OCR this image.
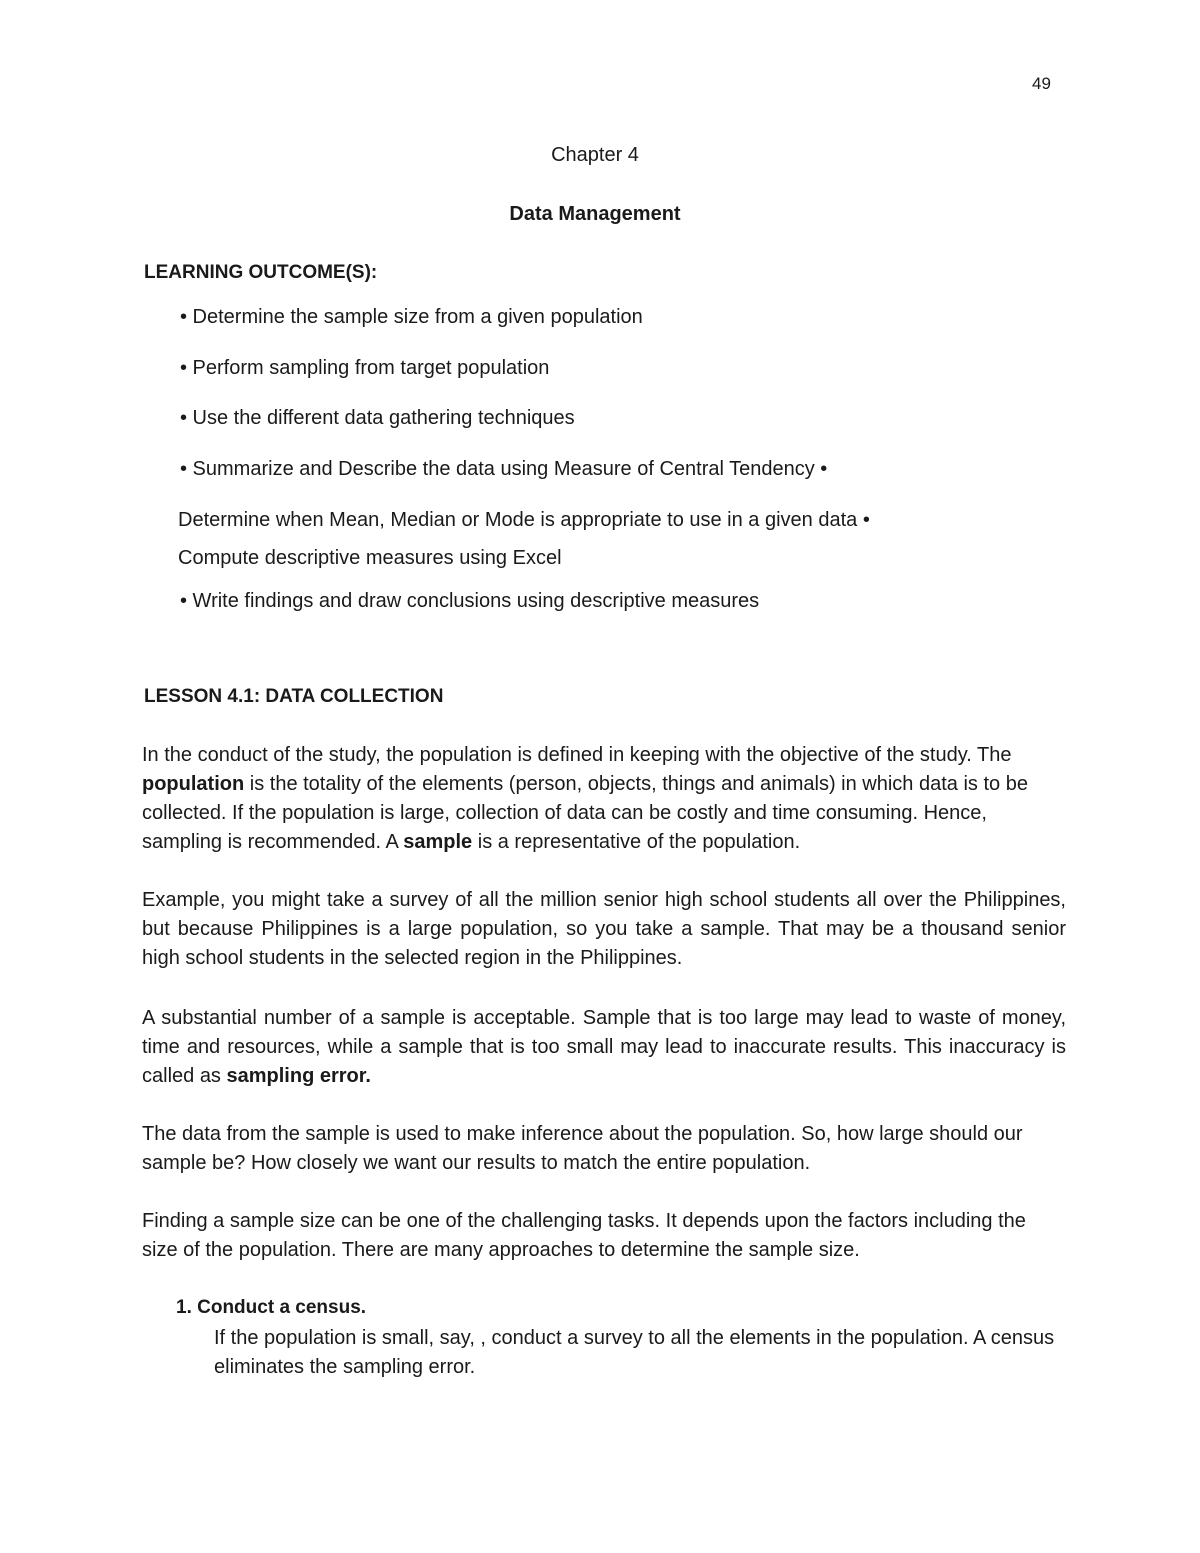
49
Chapter 4
Data Management
LEARNING OUTCOME(S):
• Determine the sample size from a given population
• Perform sampling from target population
• Use the different data gathering techniques
• Summarize and Describe the data using Measure of Central Tendency •
Determine when Mean, Median or Mode is appropriate to use in a given data •
Compute descriptive measures using Excel
• Write findings and draw conclusions using descriptive measures
LESSON 4.1: DATA COLLECTION

In the conduct of the study, the population is defined in keeping with the objective of the study. The population is the totality of the elements (person, objects, things and animals) in which data is to be collected. If the population is large, collection of data can be costly and time consuming. Hence, sampling is recommended. A sample is a representative of the population.

Example, you might take a survey of all the million senior high school students all over the Philippines, but because Philippines is a large population, so you take a sample. That may be a thousand senior high school students in the selected region in the Philippines.

A substantial number of a sample is acceptable. Sample that is too large may lead to waste of money, time and resources, while a sample that is too small may lead to inaccurate results. This inaccuracy is called as sampling error.

The data from the sample is used to make inference about the population. So, how large should our sample be? How closely we want our results to match the entire population.

Finding a sample size can be one of the challenging tasks. It depends upon the factors including the size of the population. There are many approaches to determine the sample size.

1. Conduct a census.

If the population is small, say, , conduct a survey to all the elements in the population. A census eliminates the sampling error.
